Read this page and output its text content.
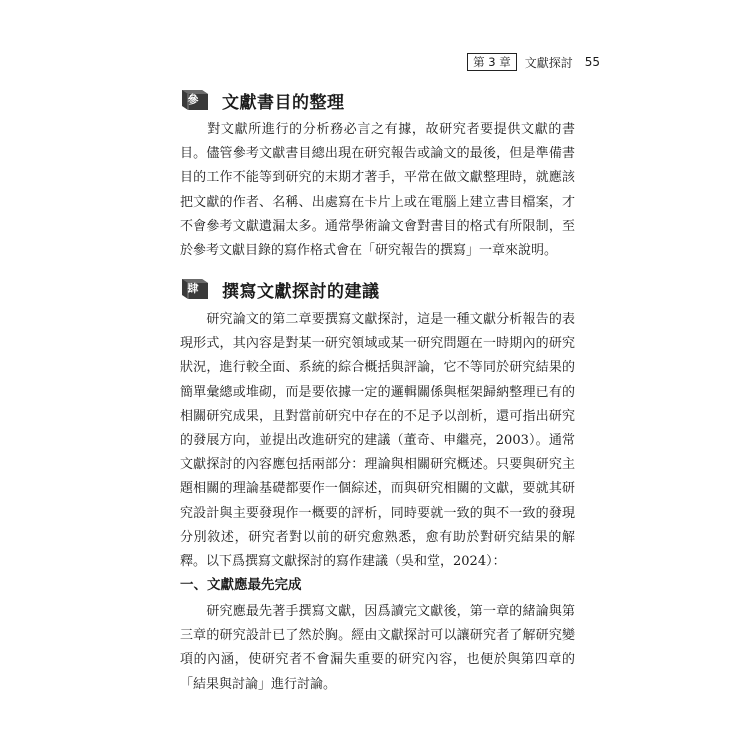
第 3 章	文獻探討 55
參 文獻書目的整理

　　對文獻所進行的分析務必言之有據，故研究者要提供文獻的書目。儘管參考文獻書目總出現在研究報告或論文的最後，但是準備書目的工作不能等到研究的末期才著手，平常在做文獻整理時，就應該把文獻的作者、名稱、出處寫在卡片上或在電腦上建立書目檔案，才不會參考文獻遺漏太多。通常學術論文會對書目的格式有所限制，至於參考文獻目錄的寫作格式會在「研究報告的撰寫」一章來說明。

肆 撰寫文獻探討的建議

　　研究論文的第二章要撰寫文獻探討，這是一種文獻分析報告的表現形式，其內容是對某一研究領域或某一研究問題在一時期內的研究狀況，進行較全面、系統的綜合概括與評論，它不等同於研究結果的簡單彙總或堆砌，而是要依據一定的邏輯關係與框架歸納整理已有的相關研究成果，且對當前研究中存在的不足予以剖析，還可指出研究的發展方向，並提出改進研究的建議（董奇、申繼亮，2003）。通常文獻探討的內容應包括兩部分：理論與相關研究概述。只要與研究主題相關的理論基礎都要作一個綜述，而與研究相關的文獻，要就其研究設計與主要發現作一概要的評析，同時要就一致的與不一致的發現分別敘述，研究者對以前的研究愈熟悉，愈有助於對研究結果的解釋。以下爲撰寫文獻探討的寫作建議（吳和堂，2024）：

一、文獻應最先完成

　　研究應最先著手撰寫文獻，因爲讀完文獻後，第一章的緒論與第三章的研究設計已了然於胸。經由文獻探討可以讓研究者了解研究變項的內涵，使研究者不會漏失重要的研究內容，也便於與第四章的「結果與討論」進行討論。
